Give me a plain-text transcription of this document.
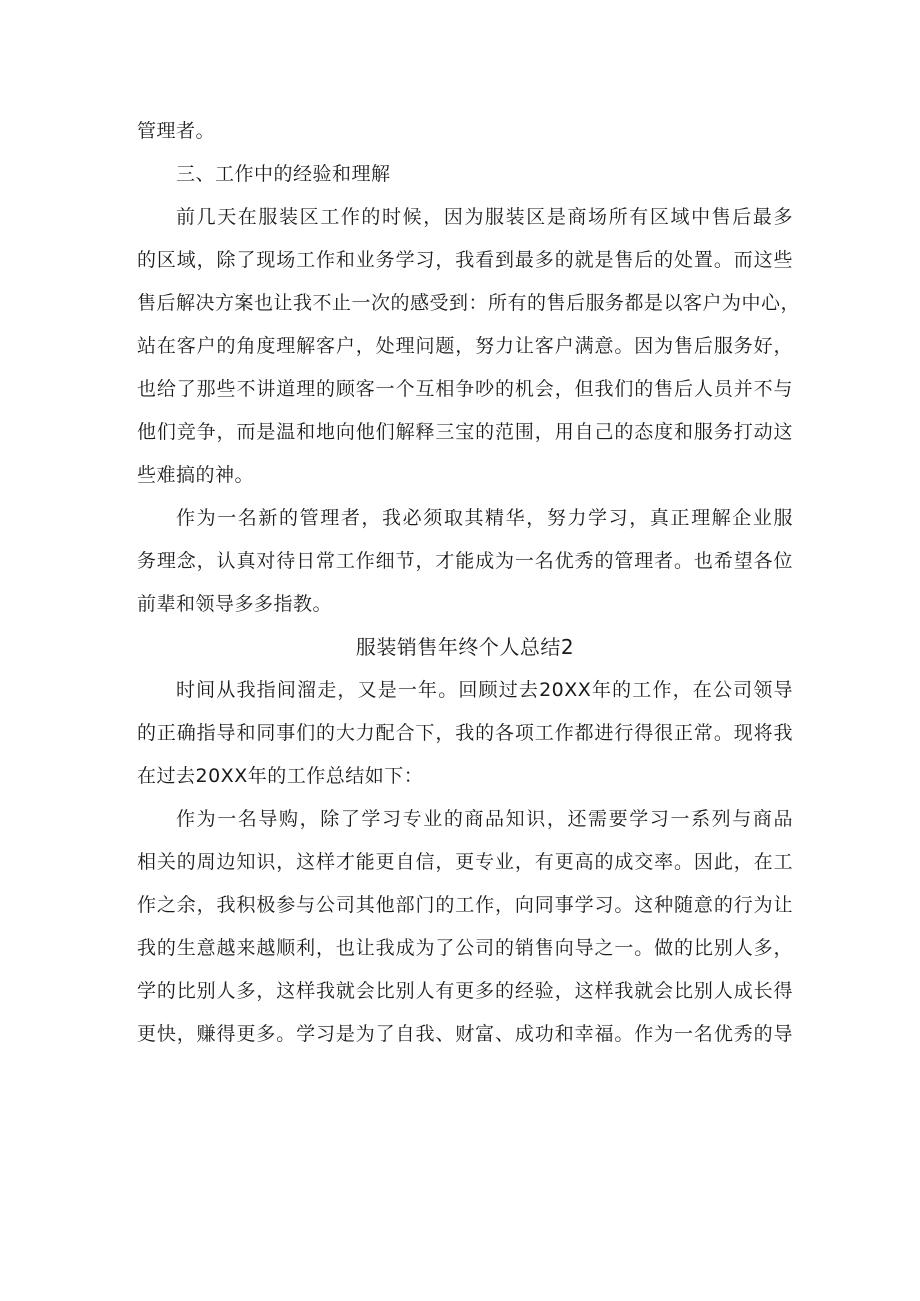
管理者。
三、工作中的经验和理解
前几天在服装区工作的时候，因为服装区是商场所有区域中售后最多
的区域，除了现场工作和业务学习，我看到最多的就是售后的处置。而这些
售后解决方案也让我不止一次的感受到：所有的售后服务都是以客户为中心，
站在客户的角度理解客户，处理问题，努力让客户满意。因为售后服务好，
也给了那些不讲道理的顾客一个互相争吵的机会，但我们的售后人员并不与
他们竞争，而是温和地向他们解释三宝的范围，用自己的态度和服务打动这
些难搞的神。
作为一名新的管理者，我必须取其精华，努力学习，真正理解企业服
务理念，认真对待日常工作细节，才能成为一名优秀的管理者。也希望各位
前辈和领导多多指教。
服装销售年终个人总结2
时间从我指间溜走，又是一年。回顾过去20XX年的工作，在公司领导
的正确指导和同事们的大力配合下，我的各项工作都进行得很正常。现将我
在过去20XX年的工作总结如下：
作为一名导购，除了学习专业的商品知识，还需要学习一系列与商品
相关的周边知识，这样才能更自信，更专业，有更高的成交率。因此，在工
作之余，我积极参与公司其他部门的工作，向同事学习。这种随意的行为让
我的生意越来越顺利，也让我成为了公司的销售向导之一。做的比别人多，
学的比别人多，这样我就会比别人有更多的经验，这样我就会比别人成长得
更快，赚得更多。学习是为了自我、财富、成功和幸福。作为一名优秀的导
